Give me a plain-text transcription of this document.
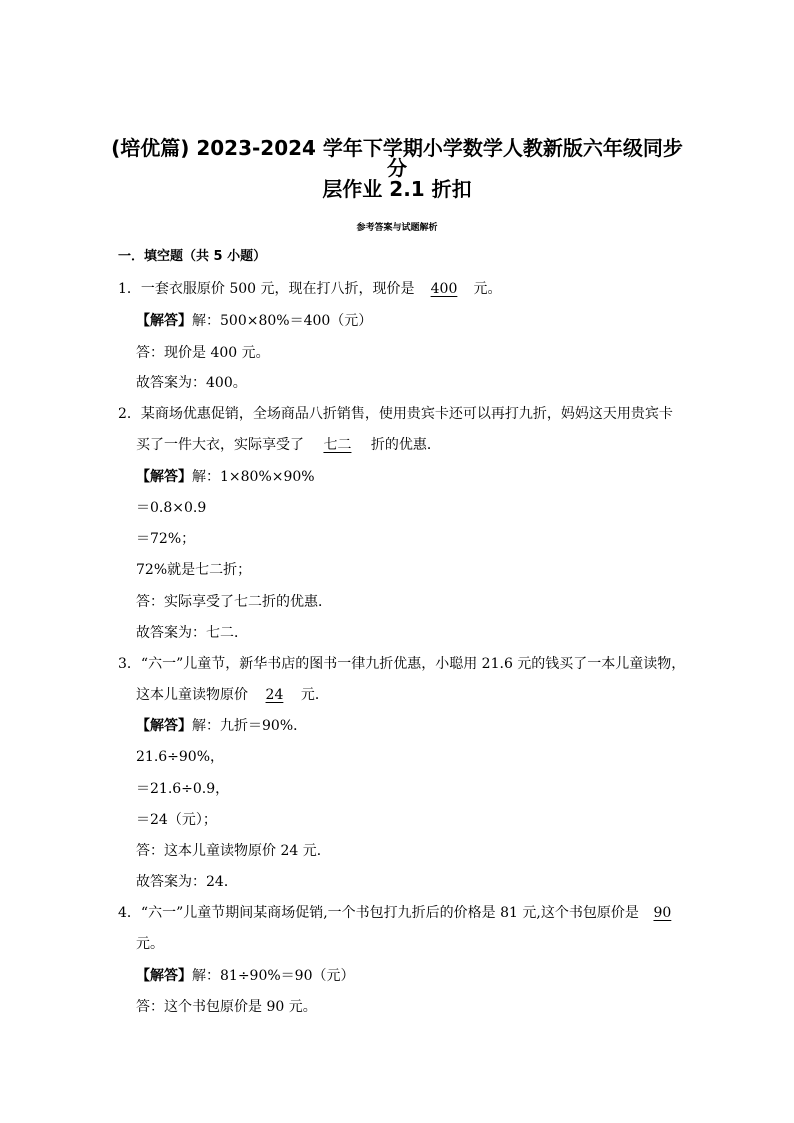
(培优篇) 2023-2024 学年下学期小学数学人教新版六年级同步分
层作业 2.1 折扣
参考答案与试题解析
一．填空题（共 5 小题）
1．一套衣服原价 500 元，现在打八折，现价是 400 元。
【解答】解：500×80%＝400（元）
答：现价是 400 元。
故答案为：400。
2．某商场优惠促销，全场商品八折销售，使用贵宾卡还可以再打九折，妈妈这天用贵宾卡
买了一件大衣，实际享受了 七二 折的优惠．
【解答】解：1×80%×90%
＝0.8×0.9
＝72%；
72%就是七二折；
答：实际享受了七二折的优惠．
故答案为：七二．
3．“六一”儿童节，新华书店的图书一律九折优惠，小聪用 21.6 元的钱买了一本儿童读物，
这本儿童读物原价 24 元．
【解答】解：九折＝90%．
21.6÷90%，
＝21.6÷0.9，
＝24（元）；
答：这本儿童读物原价 24 元．
故答案为：24．
4．“六一”儿童节期间某商场促销,一个书包打九折后的价格是 81 元,这个书包原价是 90
元。
【解答】解：81÷90%＝90（元）
答：这个书包原价是 90 元。
